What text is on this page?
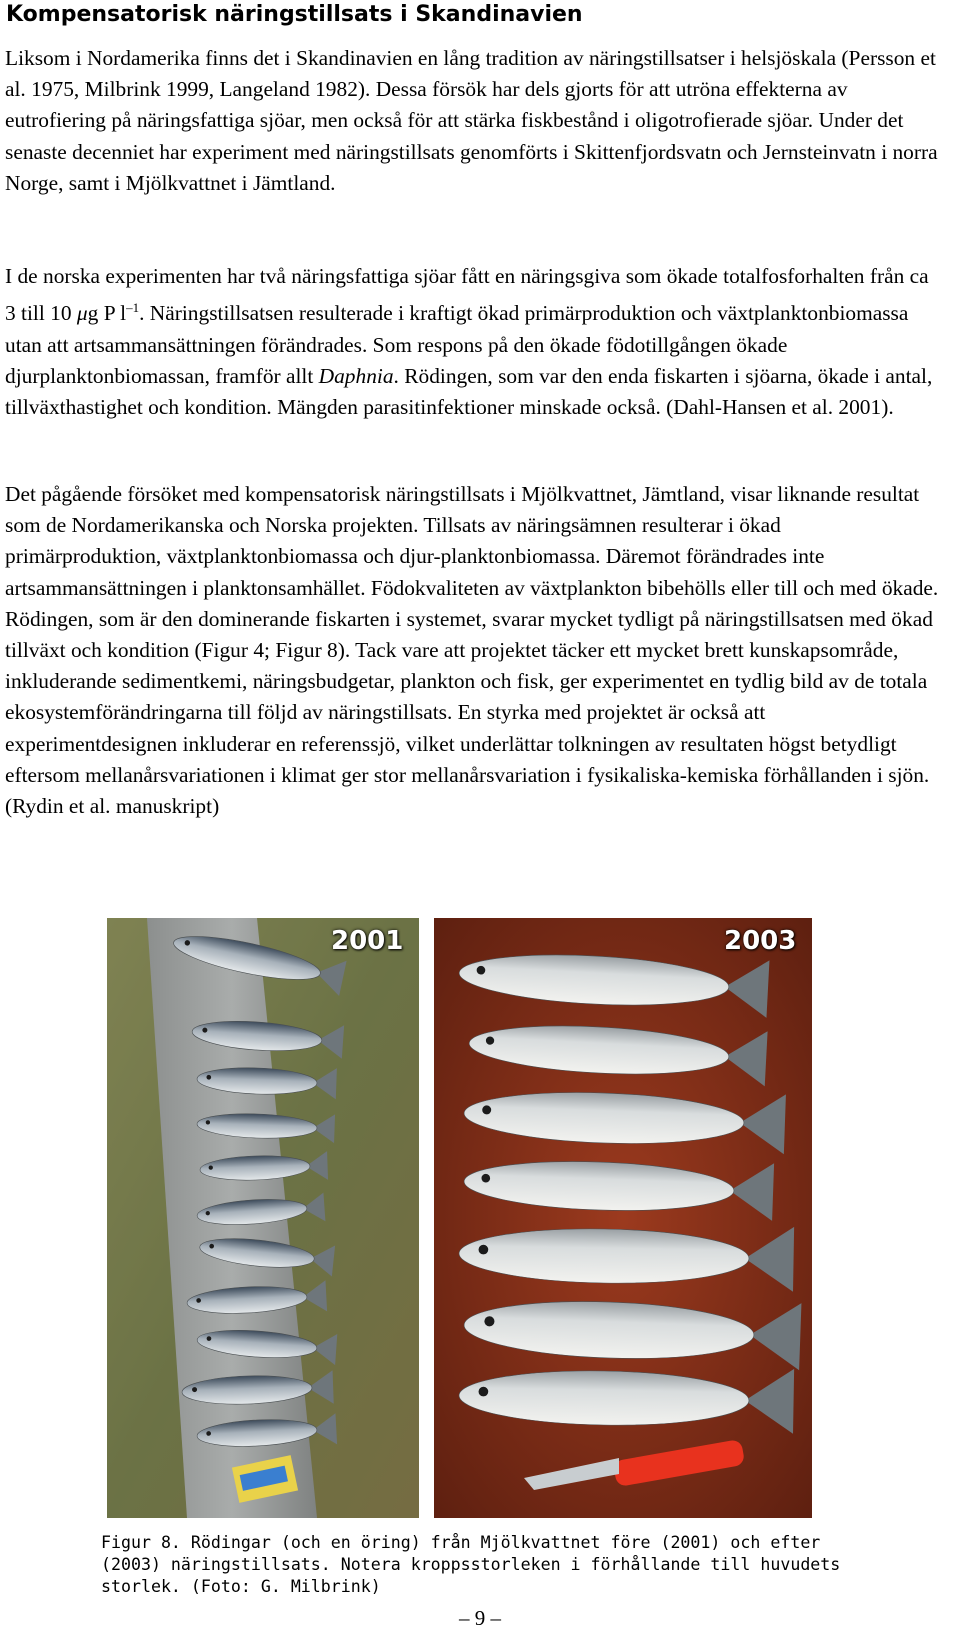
Kompensatorisk näringstillsats i Skandinavien

Liksom i Nordamerika finns det i Skandinavien en lång tradition av näringstillsatser i helsjöskala (Persson et al. 1975, Milbrink 1999, Langeland 1982). Dessa försök har dels gjorts för att utröna effekterna av eutrofiering på näringsfattiga sjöar, men också för att stärka fiskbestånd i oligotrofierade sjöar. Under det senaste decenniet har experiment med näringstillsats genomförts i Skittenfjordsvatn och Jernsteinvatn i norra Norge, samt i Mjölkvattnet i Jämtland.

I de norska experimenten har två näringsfattiga sjöar fått en näringsgiva som ökade totalfosforhalten från ca 3 till 10 μg P $l^{-1}$. Näringstillsatsen resulterade i kraftigt ökad primärproduktion och växtplanktonbiomassa utan att artsammansättningen förändrades. Som respons på den ökade födotillgången ökade djurplanktonbiomassan, framför allt Daphnia. Rödingen, som var den enda fiskarten i sjöarna, ökade i antal, tillväxthastighet och kondition. Mängden parasitinfektioner minskade också. (Dahl-Hansen et al. 2001).

Det pågående försöket med kompensatorisk näringstillsats i Mjölkvattnet, Jämtland, visar liknande resultat som de Nordamerikanska och Norska projekten. Tillsats av näringsämnen resulterar i ökad primärproduktion, växtplanktonbiomassa och djur-planktonbiomassa. Däremot förändrades inte artsammansättningen i planktonsamhället. Födokvaliteten av växtplankton bibehölls eller till och med ökade. Rödingen, som är den dominerande fiskarten i systemet, svarar mycket tydligt på näringstillsatsen med ökad tillväxt och kondition (Figur 4; Figur 8). Tack vare att projektet täcker ett mycket brett kunskapsområde, inkluderande sedimentkemi, näringsbudgetar, plankton och fisk, ger experimentet en tydlig bild av de totala ekosystemförändringarna till följd av näringstillsats. En styrka med projektet är också att experimentdesignen inkluderar en referenssjö, vilket underlättar tolkningen av resultaten högst betydligt eftersom mellanårsvariationen i klimat ger stor mellanårsvariation i fysikaliska-kemiska förhållanden i sjön. (Rydin et al. manuskript)

2001	2003

Figur 8. Rödingar (och en öring) från Mjölkvattnet före (2001) och efter (2003) näringstillsats. Notera kroppsstorleken i förhållande till huvudets storlek. (Foto: G. Milbrink)

– 9 –
